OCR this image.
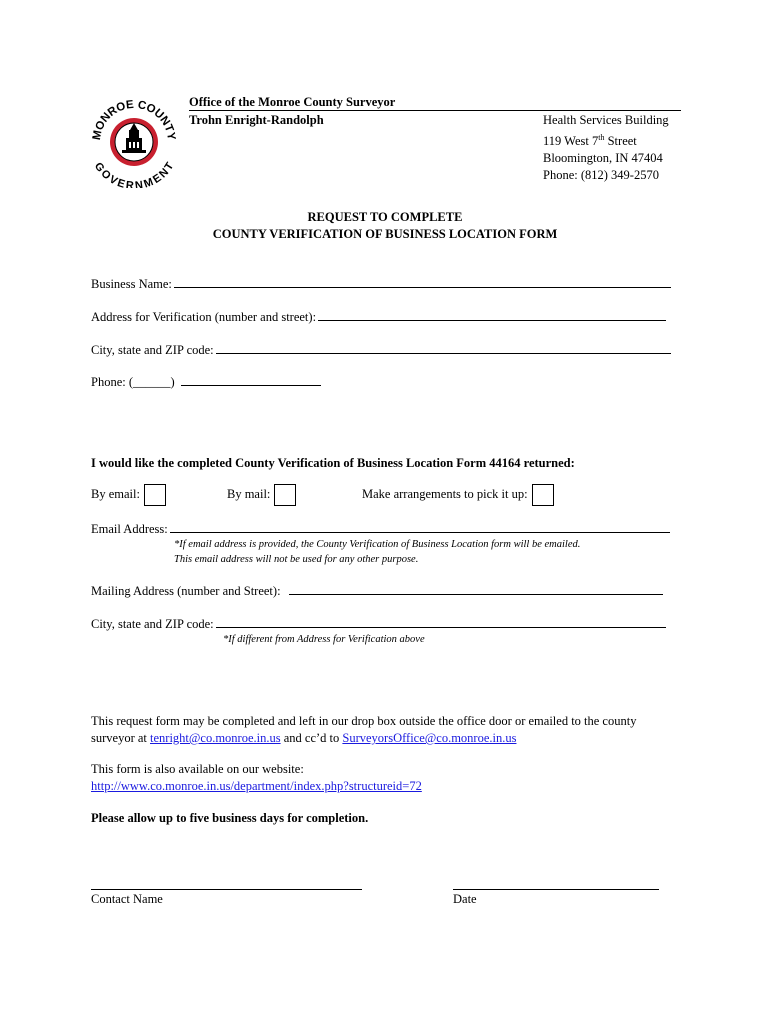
MONROE COUNTY
GOVERNMENT
Office of the Monroe County Surveyor
Trohn Enright-Randolph	Health Services Building
119 West 7th Street
Bloomington, IN 47404
Phone: (812) 349-2570
REQUEST TO COMPLETE
COUNTY VERIFICATION OF BUSINESS LOCATION FORM
Business Name:
Address for Verification (number and street):
City, state and ZIP code:
Phone: (______)
I would like the completed County Verification of Business Location Form 44164 returned:
By email:	By mail:	Make arrangements to pick it up:
Email Address:
*If email address is provided, the County Verification of Business Location form will be emailed.
This email address will not be used for any other purpose.
Mailing Address (number and Street):
City, state and ZIP code:
*If different from Address for Verification above
This request form may be completed and left in our drop box outside the office door or emailed to the county
surveyor at tenright@co.monroe.in.us and cc’d to SurveyorsOffice@co.monroe.in.us
This form is also available on our website:
http://www.co.monroe.in.us/department/index.php?structureid=72
Please allow up to five business days for completion.
Contact Name	Date
